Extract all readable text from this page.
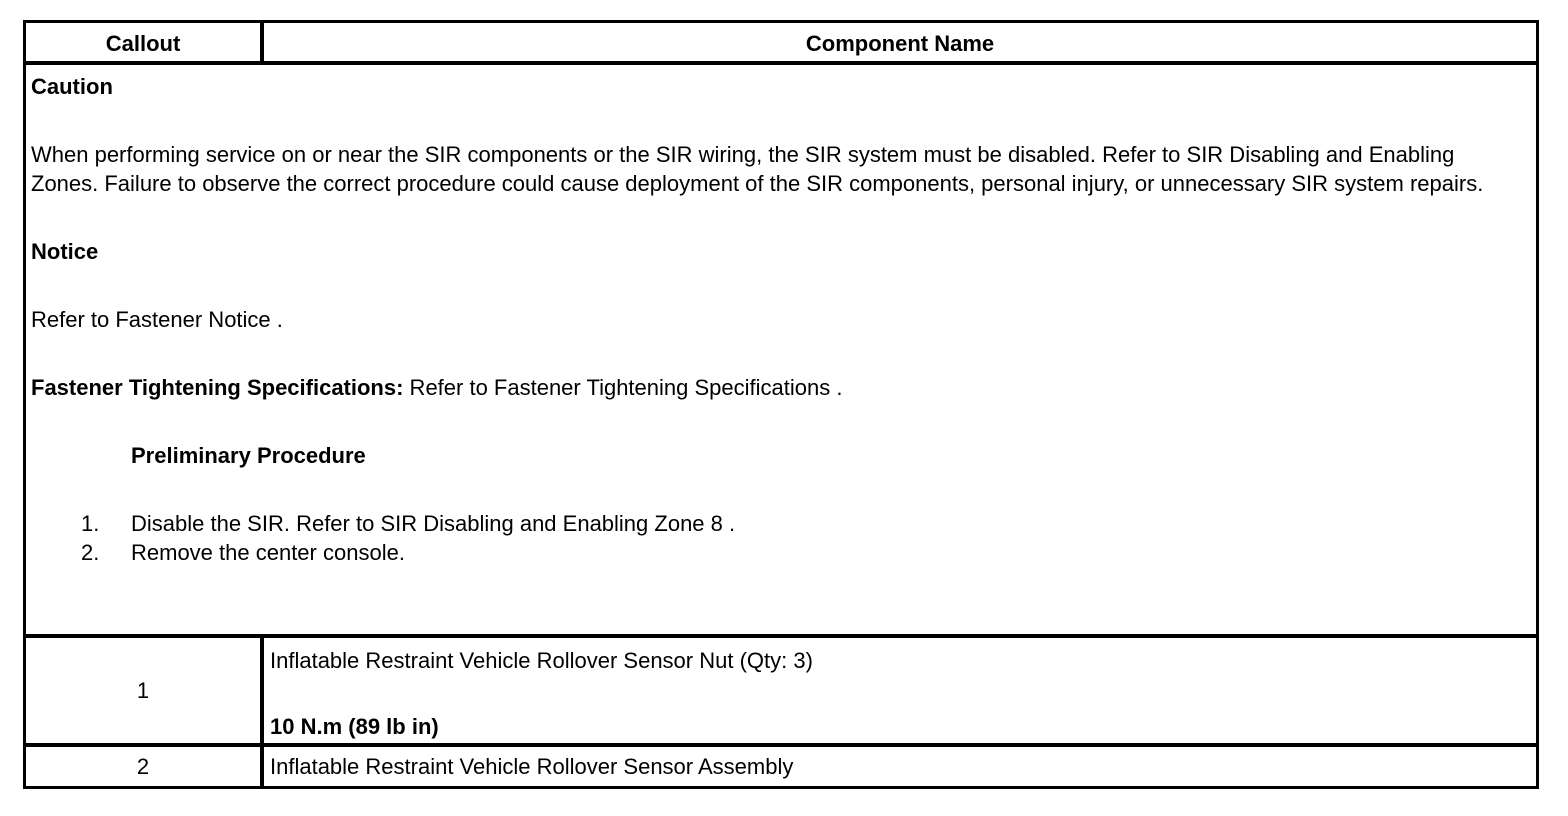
Callout	Component Name

Caution

When performing service on or near the SIR components or the SIR wiring, the SIR system must be disabled. Refer to SIR Disabling and Enabling Zones. Failure to observe the correct procedure could cause deployment of the SIR components, personal injury, or unnecessary SIR system repairs.

Notice

Refer to Fastener Notice .

Fastener Tightening Specifications: Refer to Fastener Tightening Specifications .

Preliminary Procedure

1. Disable the SIR. Refer to SIR Disabling and Enabling Zone 8 .
2. Remove the center console.
1

Inflatable Restraint Vehicle Rollover Sensor Nut (Qty: 3)

10 N.m (89 lb in)

2	Inflatable Restraint Vehicle Rollover Sensor Assembly
